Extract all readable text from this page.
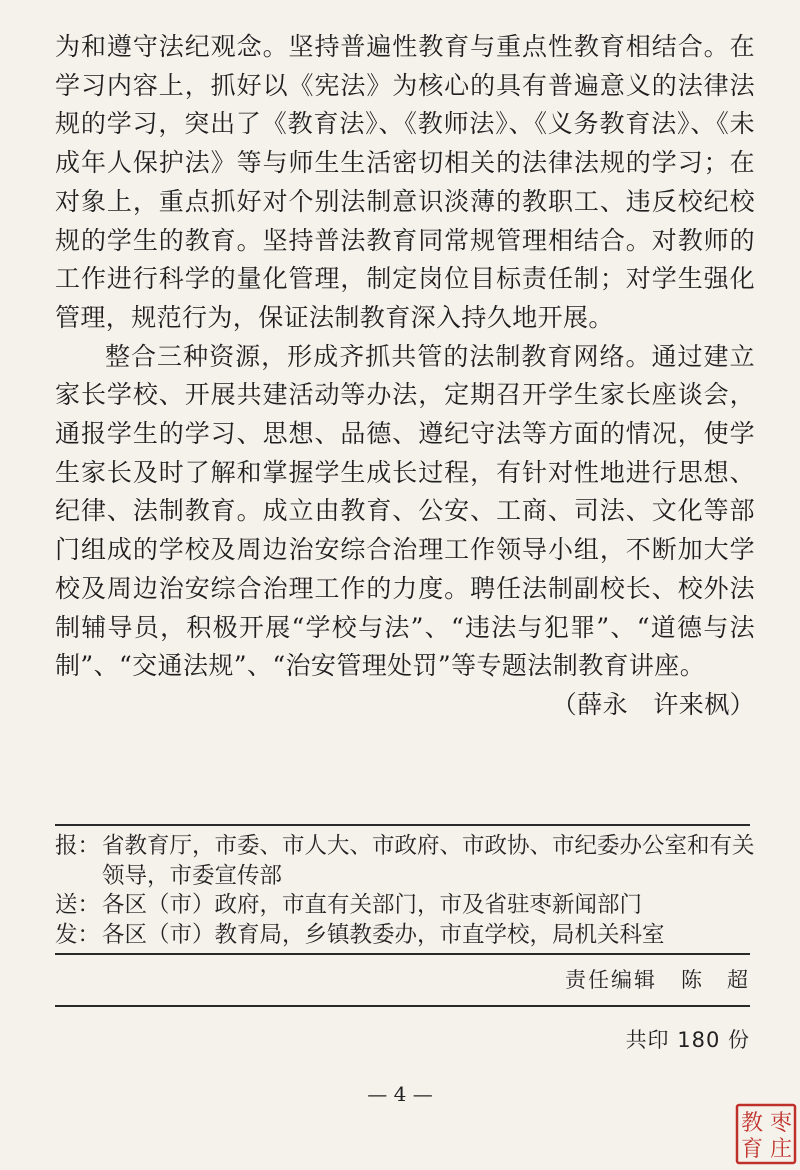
为和遵守法纪观念。坚持普遍性教育与重点性教育相结合。在学习内容上，抓好以《宪法》为核心的具有普遍意义的法律法规的学习，突出了《教育法》、《教师法》、《义务教育法》、《未成年人保护法》等与师生生活密切相关的法律法规的学习；在对象上，重点抓好对个别法制意识淡薄的教职工、违反校纪校规的学生的教育。坚持普法教育同常规管理相结合。对教师的工作进行科学的量化管理，制定岗位目标责任制；对学生强化管理，规范行为，保证法制教育深入持久地开展。

整合三种资源，形成齐抓共管的法制教育网络。通过建立家长学校、开展共建活动等办法，定期召开学生家长座谈会，通报学生的学习、思想、品德、遵纪守法等方面的情况，使学生家长及时了解和掌握学生成长过程，有针对性地进行思想、纪律、法制教育。成立由教育、公安、工商、司法、文化等部门组成的学校及周边治安综合治理工作领导小组，不断加大学校及周边治安综合治理工作的力度。聘任法制副校长、校外法制辅导员，积极开展“学校与法”、“违法与犯罪”、“道德与法制”、“交通法规”、“治安管理处罚”等专题法制教育讲座。

（薛永　许来枫）
报： 省教育厅，市委、市人大、市政府、市政协、市纪委办公室和有关领导，市委宣传部
送： 各区（市）政府，市直有关部门，市及省驻枣新闻部门
发： 各区（市）教育局，乡镇教委办，市直学校，局机关科室
责任编辑 陈　超
共印 180 份
— 4 —
枣
庄
教
育
